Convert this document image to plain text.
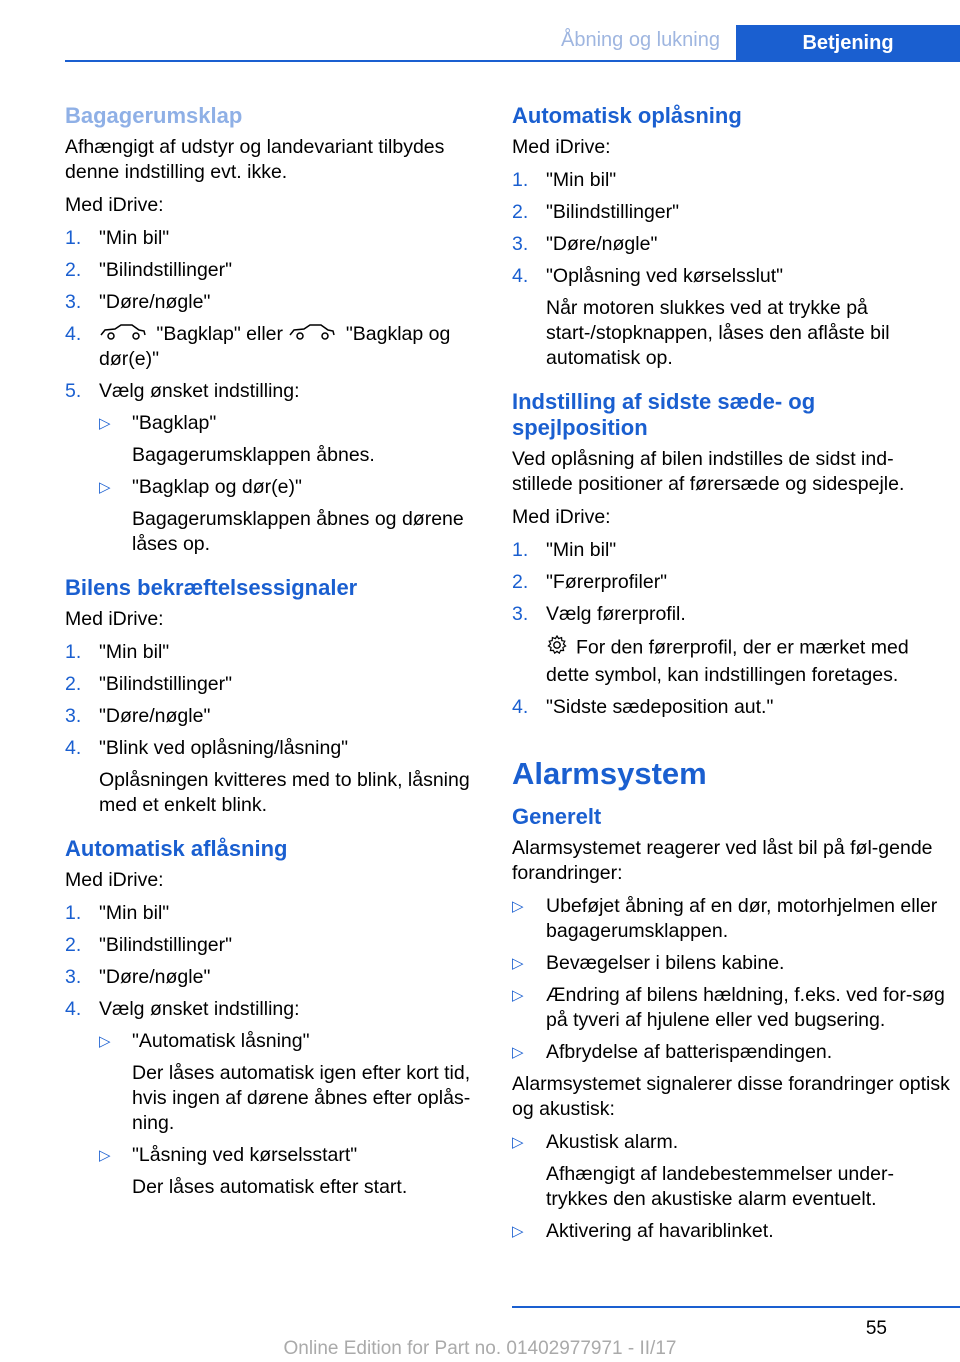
Åbning og lukning	Betjening
Bagagerumsklap

Afhængigt af udstyr og landevariant tilbydes denne indstilling evt. ikke.

Med iDrive:

1. "Min bil"
2. "Bilindstillinger"
3. "Døre/nøgle"
4.	"Bagklap" eller	"Bagklap og dør(e)"
5. Vælg ønsket indstilling:
▷ "Bagklap"
Bagagerumsklappen åbnes.
▷ "Bagklap og dør(e)"
Bagagerumsklappen åbnes og dørene låses op.
Bilens bekræftelsessignaler

Med iDrive:

1. "Min bil"
2. "Bilindstillinger"
3. "Døre/nøgle"
4. "Blink ved oplåsning/låsning"
Oplåsningen kvitteres med to blink, låsning med et enkelt blink.
Automatisk aflåsning

Med iDrive:

1. "Min bil"
2. "Bilindstillinger"
3. "Døre/nøgle"
4. Vælg ønsket indstilling:
▷ "Automatisk låsning"
Der låses automatisk igen efter kort tid, hvis ingen af dørene åbnes efter oplås-ning.
▷ "Låsning ved kørselsstart"
Der låses automatisk efter start.
Automatisk oplåsning

Med iDrive:

1. "Min bil"
2. "Bilindstillinger"
3. "Døre/nøgle"
4. "Oplåsning ved kørselsslut"
Når motoren slukkes ved at trykke på start-/stopknappen, låses den aflåste bil automatisk op.
Indstilling af sidste sæde- og spejlposition

Ved oplåsning af bilen indstilles de sidst ind-stillede positioner af førersæde og sidespejle.

Med iDrive:

1. "Min bil"
2. "Førerprofiler"
3. Vælg førerprofil.
For den førerprofil, der er mærket med dette symbol, kan indstillingen foretages.
4. "Sidste sædeposition aut."
Alarmsystem
Generelt

Alarmsystemet reagerer ved låst bil på føl-gende forandringer:

▷ Ubeføjet åbning af en dør, motorhjelmen eller bagagerumsklappen.
▷ Bevægelser i bilens kabine.
▷ Ændring af bilens hældning, f.eks. ved for-søg på tyveri af hjulene eller ved bugsering.
▷ Afbrydelse af batterispændingen.

Alarmsystemet signalerer disse forandringer optisk og akustisk:

▷ Akustisk alarm.
Afhængigt af landebestemmelser under-trykkes den akustiske alarm eventuelt.
▷ Aktivering af havariblinket.
55
Online Edition for Part no. 01402977971 - II/17
